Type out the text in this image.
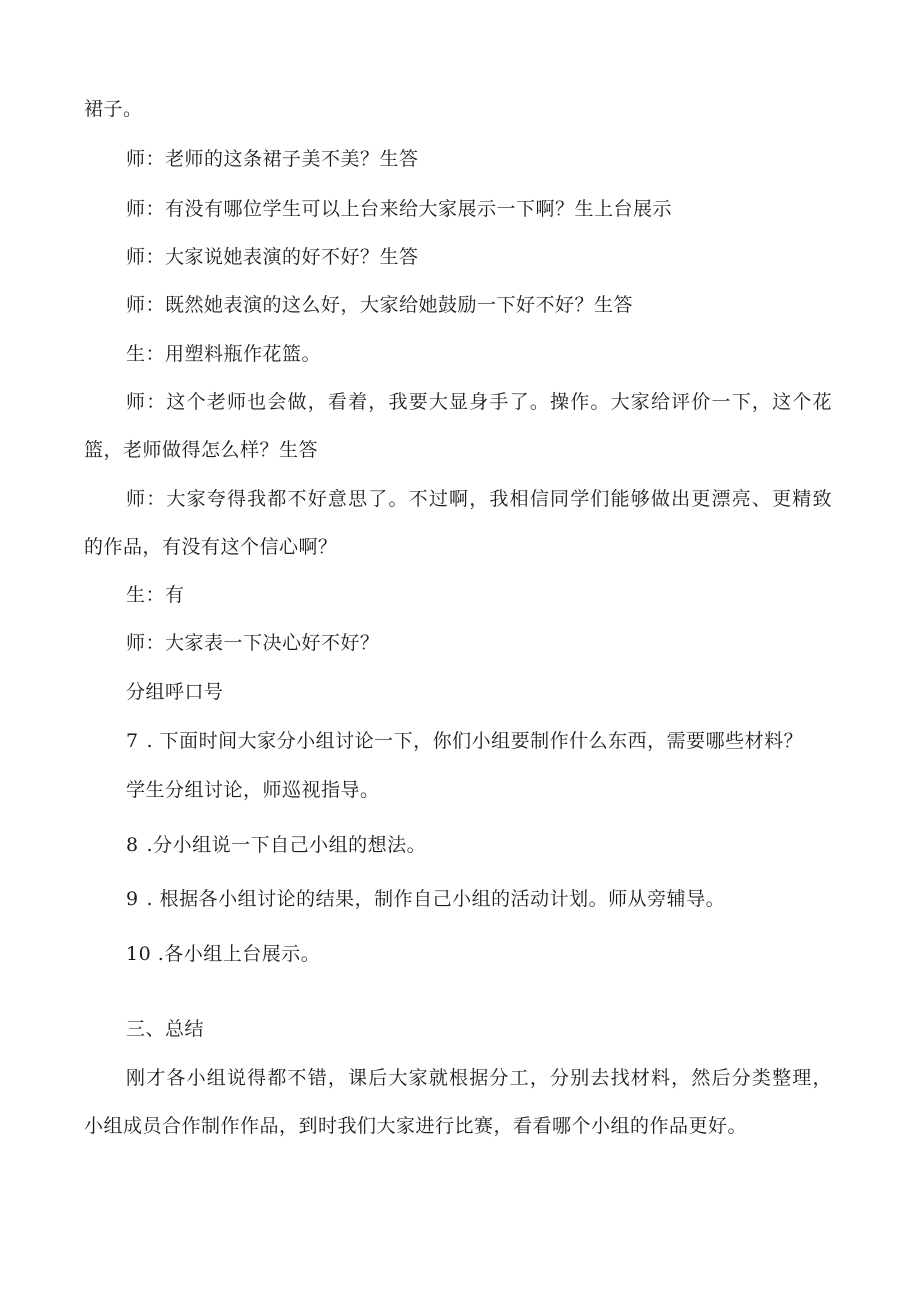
裙子。
师：老师的这条裙子美不美？生答
师：有没有哪位学生可以上台来给大家展示一下啊？生上台展示
师：大家说她表演的好不好？生答
师：既然她表演的这么好，大家给她鼓励一下好不好？生答
生：用塑料瓶作花篮。
师：这个老师也会做，看着，我要大显身手了。操作。大家给评价一下，这个花
篮，老师做得怎么样？生答
师：大家夸得我都不好意思了。不过啊，我相信同学们能够做出更漂亮、更精致
的作品，有没有这个信心啊？
生：有
师：大家表一下决心好不好？
分组呼口号
7 . 下面时间大家分小组讨论一下，你们小组要制作什么东西，需要哪些材料？
学生分组讨论，师巡视指导。
8 .分小组说一下自己小组的想法。
9 . 根据各小组讨论的结果，制作自己小组的活动计划。师从旁辅导。
10 .各小组上台展示。
三、总结
刚才各小组说得都不错，课后大家就根据分工，分别去找材料，然后分类整理，
小组成员合作制作作品，到时我们大家进行比赛，看看哪个小组的作品更好。
